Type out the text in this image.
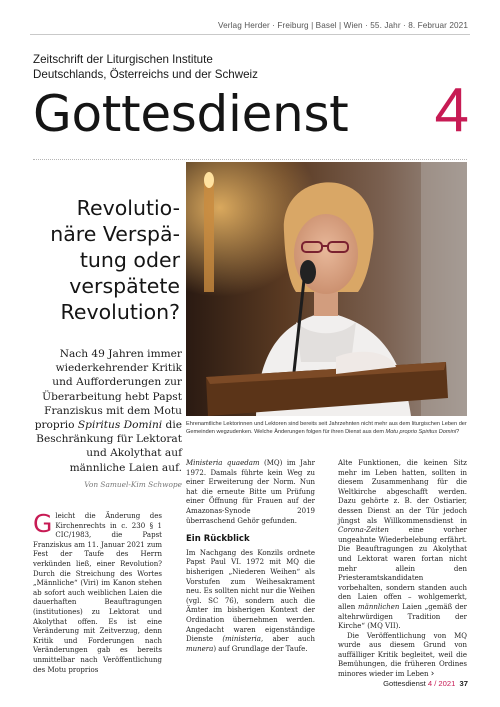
Verlag Herder · Freiburg | Basel | Wien · 55. Jahr · 8. Februar 2021
Zeitschrift der Liturgischen Institute
Deutschlands, Österreichs und der Schweiz
Gottesdienst 4
Revolutio-
näre Verspä-
tung oder
verspätete
Revolution?
Nach 49 Jahren immer wiederkehrender Kritik und Aufforderungen zur Überarbeitung hebt Papst Franziskus mit dem Motu proprio Spiritus Domini die Beschränkung für Lektorat und Akolythat auf männliche Laien auf.
Von Samuel-Kim Schwope
Ehrenamtliche Lektorinnen und Lektoren sind bereits seit Jahrzehnten nicht mehr aus dem liturgischen Leben der Gemeinden wegzudenken. Welche Änderungen folgen für ihren Dienst aus dem Motu proprio Spiritus Domini?

Gleicht die Änderung des Kirchenrechts in c. 230 § 1 CIC/1983, die Papst Franziskus am 11. Januar 2021 zum Fest der Taufe des Herrn verkünden ließ, einer Revolution? Durch die Streichung des Wortes „Männliche“ (Viri) im Kanon stehen ab sofort auch weiblichen Laien die dauerhaften Beauftragungen (institutiones) zu Lektorat und Akolythat offen. Es ist eine Veränderung mit Zeitverzug, denn Kritik und Forderungen nach Veränderungen gab es bereits unmittelbar nach Veröffentlichung des Motu proprios

Ministeria quaedam (MQ) im Jahr 1972. Damals führte kein Weg zu einer Erweiterung der Norm. Nun hat die erneute Bitte um Prüfung einer Öffnung für Frauen auf der Amazonas-Synode 2019 überraschend Gehör gefunden.

Ein Rückblick

Im Nachgang des Konzils ordnete Papst Paul VI. 1972 mit MQ die bisherigen „Niederen Weihen“ als Vorstufen zum Weihesakrament neu. Es sollten nicht nur die Weihen (vgl. SC 76), sondern auch die Ämter im bisherigen Kontext der Ordination übernehmen werden. Angedacht waren eigenständige Dienste (ministeria, aber auch munera) auf Grundlage der Taufe.

Alte Funktionen, die keinen Sitz mehr im Leben hatten, sollten in diesem Zusammenhang für die Weltkirche abgeschafft werden. Dazu gehörte z. B. der Ostiarier, dessen Dienst an der Tür jedoch jüngst als Willkommensdienst in Corona-Zeiten eine vorher ungeahnte Wiederbelebung erfährt. Die Beauftragungen zu Akolythat und Lektorat waren fortan nicht mehr allein den Priesteramtskandidaten vorbehalten, sondern standen auch den Laien offen – wohlgemerkt, allen männlichen Laien „gemäß der altehrwürdigen Tradition der Kirche“ (MQ VII).

Die Veröffentlichung von MQ wurde aus diesem Grund von auffälliger Kritik begleitet, weil die Bemühungen, die früheren Ordines minores wieder im Leben ›

Gottesdienst 4 / 2021 37
